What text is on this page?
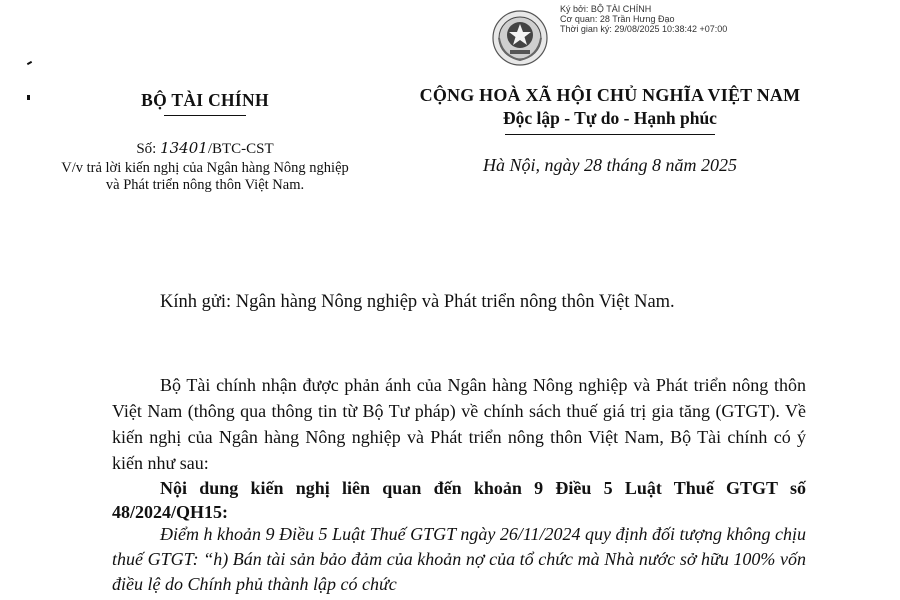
Ký bởi: BỘ TÀI CHÍNH
Cơ quan: 28 Trần Hưng Đạo
Thời gian ký: 29/08/2025 10:38:42 +07:00
BỘ TÀI CHÍNH
Số: 13401/BTC-CST
V/v trả lời kiến nghị của Ngân hàng Nông nghiệp và Phát triển nông thôn Việt Nam.
CỘNG HOÀ XÃ HỘI CHỦ NGHĨA VIỆT NAM
Độc lập - Tự do - Hạnh phúc
Hà Nội, ngày 28 tháng 8 năm 2025
Kính gửi: Ngân hàng Nông nghiệp và Phát triển nông thôn Việt Nam.
Bộ Tài chính nhận được phản ánh của Ngân hàng Nông nghiệp và Phát triển nông thôn Việt Nam (thông qua thông tin từ Bộ Tư pháp) về chính sách thuế giá trị gia tăng (GTGT). Về kiến nghị của Ngân hàng Nông nghiệp và Phát triển nông thôn Việt Nam, Bộ Tài chính có ý kiến như sau:
Nội dung kiến nghị liên quan đến khoản 9 Điều 5 Luật Thuế GTGT số 48/2024/QH15:
Điểm h khoản 9 Điều 5 Luật Thuế GTGT ngày 26/11/2024 quy định đối tượng không chịu thuế GTGT: “h) Bán tài sản bảo đảm của khoản nợ của tổ chức mà Nhà nước sở hữu 100% vốn điều lệ do Chính phủ thành lập có chức
